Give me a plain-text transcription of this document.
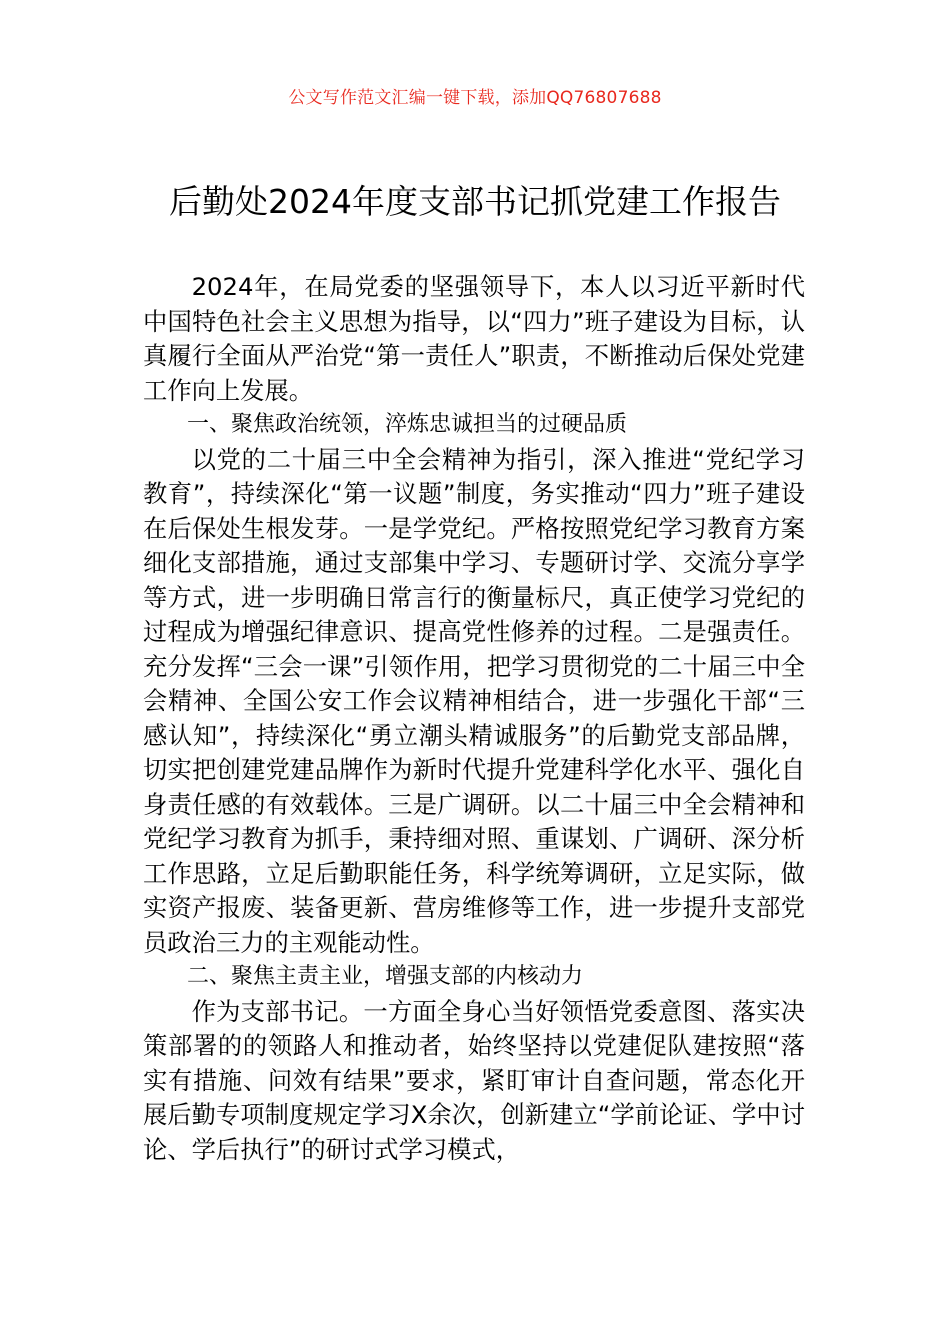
公文写作范文汇编一键下载，添加QQ76807688
后勤处2024年度支部书记抓党建工作报告

2024年，在局党委的坚强领导下，本人以习近平新时代中国特色社会主义思想为指导，以“四力”班子建设为目标，认真履行全面从严治党“第一责任人”职责，不断推动后保处党建工作向上发展。

一、聚焦政治统领，淬炼忠诚担当的过硬品质

以党的二十届三中全会精神为指引，深入推进“党纪学习教育”，持续深化“第一议题”制度，务实推动“四力”班子建设在后保处生根发芽。一是学党纪。严格按照党纪学习教育方案细化支部措施，通过支部集中学习、专题研讨学、交流分享学等方式，进一步明确日常言行的衡量标尺，真正使学习党纪的过程成为增强纪律意识、提高党性修养的过程。二是强责任。充分发挥“三会一课”引领作用，把学习贯彻党的二十届三中全会精神、全国公安工作会议精神相结合，进一步强化干部“三感认知”，持续深化“勇立潮头精诚服务”的后勤党支部品牌，切实把创建党建品牌作为新时代提升党建科学化水平、强化自身责任感的有效载体。三是广调研。以二十届三中全会精神和党纪学习教育为抓手，秉持细对照、重谋划、广调研、深分析工作思路，立足后勤职能任务，科学统筹调研，立足实际，做实资产报废、装备更新、营房维修等工作，进一步提升支部党员政治三力的主观能动性。

二、聚焦主责主业，增强支部的内核动力

作为支部书记。一方面全身心当好领悟党委意图、落实决策部署的的领路人和推动者，始终坚持以党建促队建按照“落实有措施、问效有结果”要求，紧盯审计自查问题，常态化开展后勤专项制度规定学习X余次，创新建立“学前论证、学中讨论、学后执行”的研讨式学习模式，
